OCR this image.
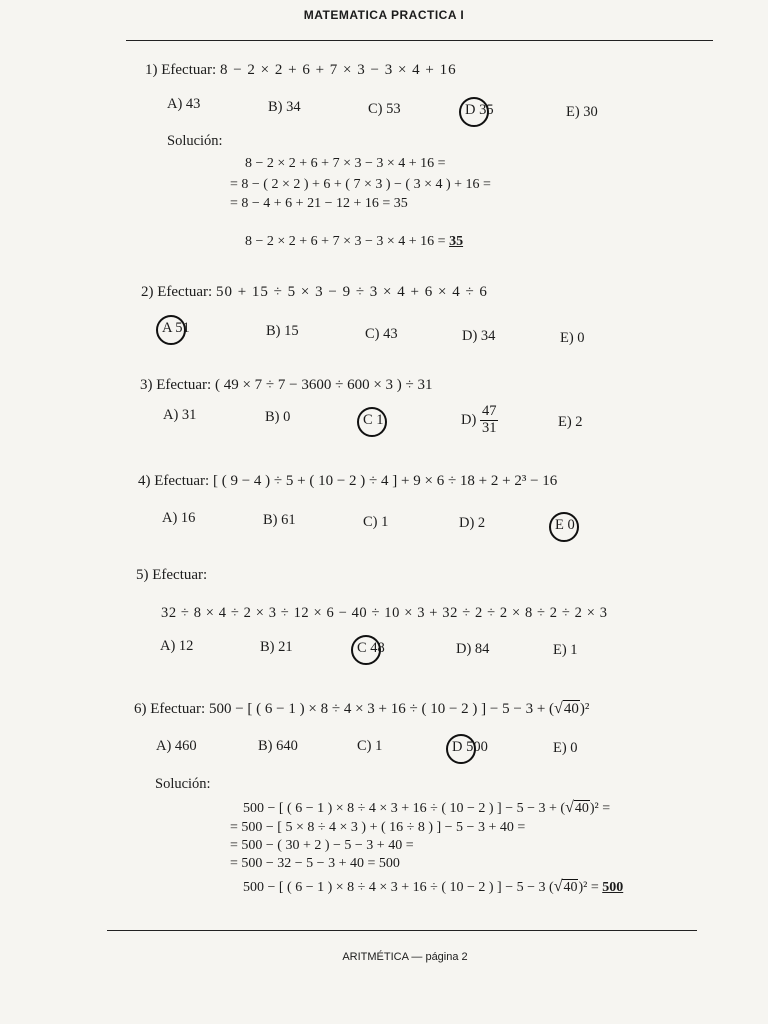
MATEMATICA PRACTICA I
1) Efectuar: 8 − 2 × 2 + 6 + 7 × 3 − 3 × 4 + 16
A) 43	B) 34	C) 53	D 35	E) 30
Solución:
8 − 2 × 2 + 6 + 7 × 3 − 3 × 4 + 16 =
= 8 − ( 2 × 2 ) + 6 + ( 7 × 3 ) − ( 3 × 4 ) + 16 =
= 8 − 4 + 6 + 21 − 12 + 16 = 35
8 − 2 × 2 + 6 + 7 × 3 − 3 × 4 + 16 = 35
2) Efectuar: 50 + 15 ÷ 5 × 3 − 9 ÷ 3 × 4 + 6 × 4 ÷ 6
A 51	B) 15	C) 43	D) 34	E) 0
3) Efectuar: ( 49 × 7 ÷ 7 − 3600 ÷ 600 × 3 ) ÷ 31
A) 31	B) 0	C 1	$D) \frac{47}{31}$	E) 2
4) Efectuar: [ ( 9 − 4 ) ÷ 5 + ( 10 − 2 ) ÷ 4 ] + 9 × 6 ÷ 18 + 2 + 2³ − 16
A) 16	B) 61	C) 1	D) 2	E 0
5) Efectuar:
32 ÷ 8 × 4 ÷ 2 × 3 ÷ 12 × 6 − 40 ÷ 10 × 3 + 32 ÷ 2 ÷ 2 × 8 ÷ 2 ÷ 2 × 3
A) 12	B) 21	C 48	D) 84	E) 1
6) Efectuar: 500 − [ ( 6 − 1 ) × 8 ÷ 4 × 3 + 16 ÷ ( 10 − 2 ) ] − 5 − 3 + (√40)²
A) 460	B) 640	C) 1	D 500	E) 0
Solución:
500 − [ ( 6 − 1 ) × 8 ÷ 4 × 3 + 16 ÷ ( 10 − 2 ) ] − 5 − 3 + (√40)² =
= 500 − [ 5 × 8 ÷ 4 × 3 ) + ( 16 ÷ 8 ) ] − 5 − 3 + 40 =
= 500 − ( 30 + 2 ) − 5 − 3 + 40 =
= 500 − 32 − 5 − 3 + 40 = 500
500 − [ ( 6 − 1 ) × 8 ÷ 4 × 3 + 16 ÷ ( 10 − 2 ) ] − 5 − 3 (√40)² = 500
ARITMÉTICA — página 2
